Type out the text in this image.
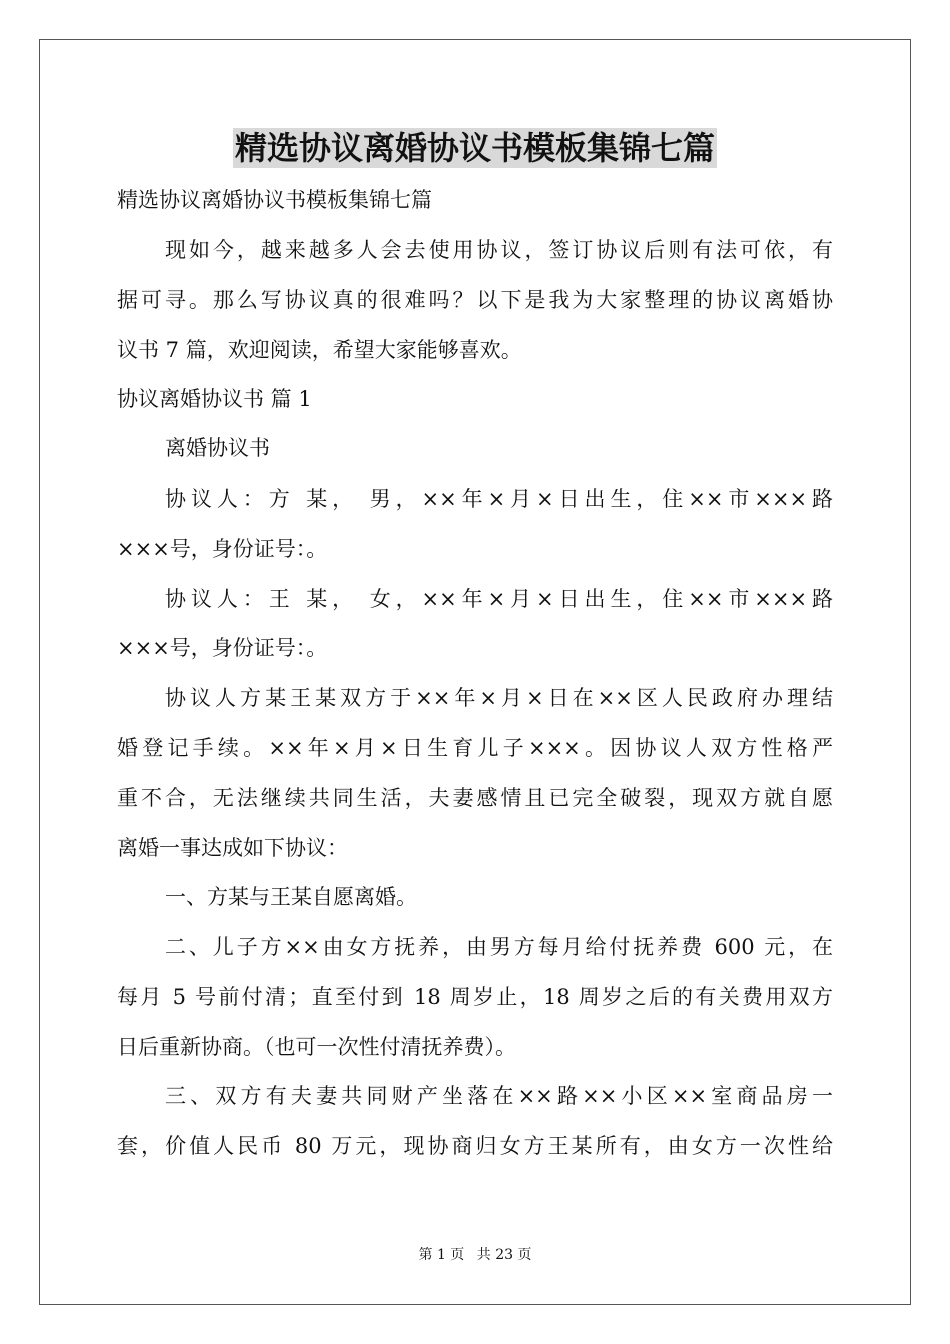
精选协议离婚协议书模板集锦七篇
精选协议离婚协议书模板集锦七篇
现如今，越来越多人会去使用协议，签订协议后则有法可依，有
据可寻。那么写协议真的很难吗？以下是我为大家整理的协议离婚协
议书 7 篇，欢迎阅读，希望大家能够喜欢。
协议离婚协议书 篇 1
离婚协议书
协议人：方 某， 男，××年×月×日出生，住××市×××路
×××号，身份证号：。
协议人：王 某， 女，××年×月×日出生，住××市×××路
×××号，身份证号：。
协议人方某王某双方于××年×月×日在××区人民政府办理结
婚登记手续。××年×月×日生育儿子×××。因协议人双方性格严
重不合，无法继续共同生活，夫妻感情且已完全破裂，现双方就自愿
离婚一事达成如下协议：
一、方某与王某自愿离婚。
二、儿子方××由女方抚养，由男方每月给付抚养费 600 元，在
每月 5 号前付清；直至付到 18 周岁止，18 周岁之后的有关费用双方
日后重新协商。（也可一次性付清抚养费）。
三、双方有夫妻共同财产坐落在××路××小区××室商品房一
套，价值人民币 80 万元，现协商归女方王某所有，由女方一次性给
第 1 页 共 23 页
